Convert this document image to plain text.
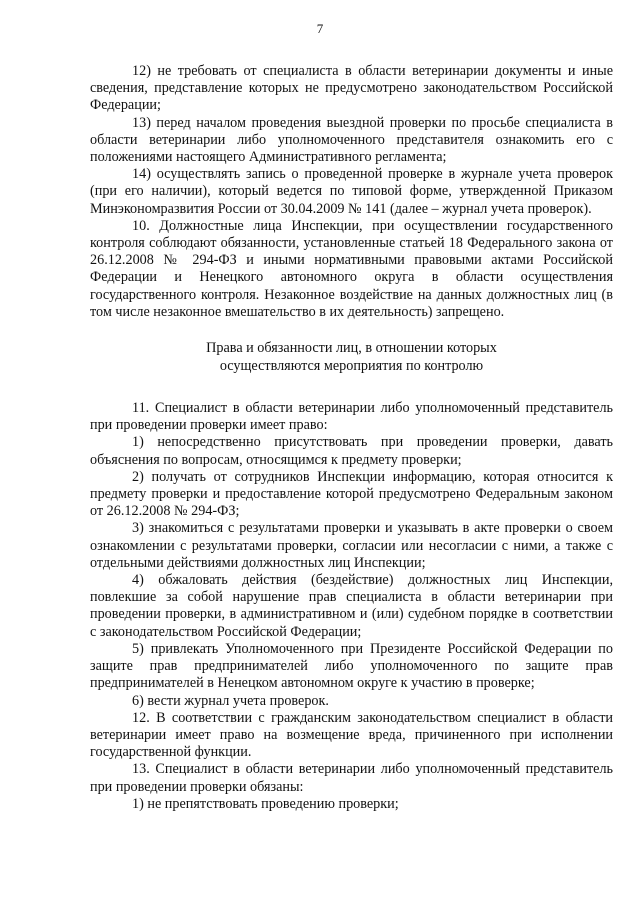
7

12) не требовать от специалиста в области ветеринарии документы и иные сведения, представление которых не предусмотрено законодательством Российской Федерации;

13) перед началом проведения выездной проверки по просьбе специалиста в области ветеринарии либо уполномоченного представителя ознакомить его с положениями настоящего Административного регламента;

14) осуществлять запись о проведенной проверке в журнале учета проверок (при его наличии), который ведется по типовой форме, утвержденной Приказом Минэкономразвития России от 30.04.2009 № 141 (далее – журнал учета проверок).

10. Должностные лица Инспекции, при осуществлении государственного контроля соблюдают обязанности, установленные статьей 18 Федерального закона от 26.12.2008 № 294-ФЗ и иными нормативными правовыми актами Российской Федерации и Ненецкого автономного округа в области осуществления государственного контроля. Незаконное воздействие на данных должностных лиц (в том числе незаконное вмешательство в их деятельность) запрещено.

Права и обязанности лиц, в отношении которых

осуществляются мероприятия по контролю

11. Специалист в области ветеринарии либо уполномоченный представитель при проведении проверки имеет право:

1) непосредственно присутствовать при проведении проверки, давать объяснения по вопросам, относящимся к предмету проверки;

2) получать от сотрудников Инспекции информацию, которая относится к предмету проверки и предоставление которой предусмотрено Федеральным законом от 26.12.2008 № 294-ФЗ;

3) знакомиться с результатами проверки и указывать в акте проверки о своем ознакомлении с результатами проверки, согласии или несогласии с ними, а также с отдельными действиями должностных лиц Инспекции;

4) обжаловать действия (бездействие) должностных лиц Инспекции, повлекшие за собой нарушение прав специалиста в области ветеринарии при проведении проверки, в административном и (или) судебном порядке в соответствии с законодательством Российской Федерации;

5) привлекать Уполномоченного при Президенте Российской Федерации по защите прав предпринимателей либо уполномоченного по защите прав предпринимателей в Ненецком автономном округе к участию в проверке;

6) вести журнал учета проверок.

12. В соответствии с гражданским законодательством специалист в области ветеринарии имеет право на возмещение вреда, причиненного при исполнении государственной функции.

13. Специалист в области ветеринарии либо уполномоченный представитель при проведении проверки обязаны:

1) не препятствовать проведению проверки;
